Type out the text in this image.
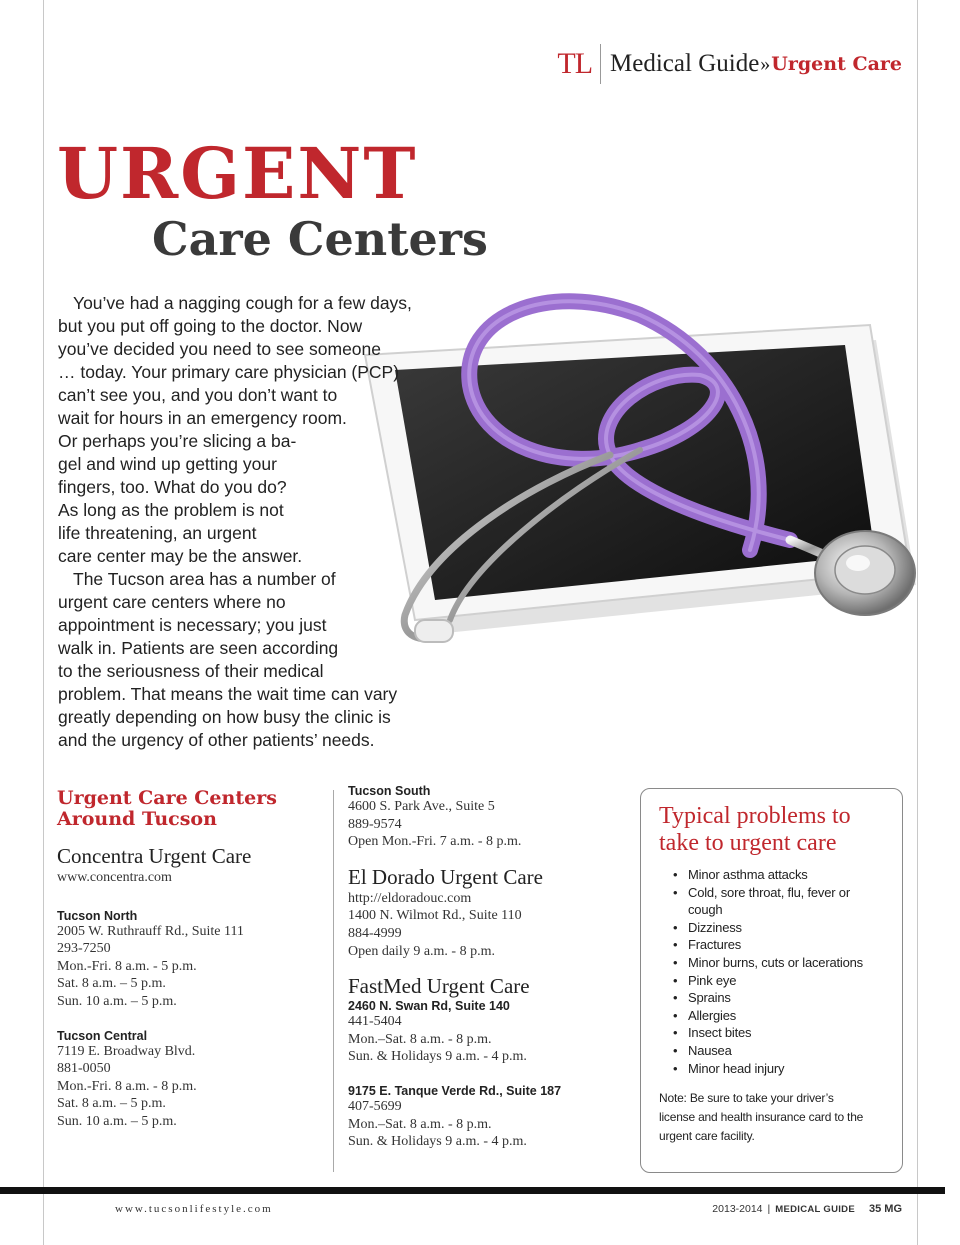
TL Medical Guide » Urgent Care
URGENT
Care Centers
You’ve had a nagging cough for a few days,
but you put off going to the doctor. Now
you’ve decided you need to see someone
… today. Your primary care physician (PCP)
can’t see you, and you don’t want to
wait for hours in an emergency room.
Or perhaps you’re slicing a ba-
gel and wind up getting your
fingers, too. What do you do?
As long as the problem is not
life threatening, an urgent
care center may be the answer.
The Tucson area has a number of
urgent care centers where no
appointment is necessary; you just
walk in. Patients are seen according
to the seriousness of their medical
problem. That means the wait time can vary
greatly depending on how busy the clinic is
and the urgency of other patients’ needs.
Urgent Care Centers
Around Tucson
Concentra Urgent Care
www.concentra.com
Tucson North
2005 W. Ruthrauff Rd., Suite 111
293-7250
Mon.-Fri. 8 a.m. - 5 p.m.
Sat. 8 a.m. – 5 p.m.
Sun. 10 a.m. – 5 p.m.
Tucson Central
7119 E. Broadway Blvd.
881-0050
Mon.-Fri. 8 a.m. - 8 p.m.
Sat. 8 a.m. – 5 p.m.
Sun. 10 a.m. – 5 p.m.
Tucson South
4600 S. Park Ave., Suite 5
889-9574
Open Mon.-Fri. 7 a.m. - 8 p.m.
El Dorado Urgent Care
http://eldoradouc.com
1400 N. Wilmot Rd., Suite 110
884-4999
Open daily 9 a.m. - 8 p.m.
FastMed Urgent Care
2460 N. Swan Rd, Suite 140
441-5404
Mon.–Sat. 8 a.m. - 8 p.m.
Sun. & Holidays 9 a.m. - 4 p.m.
9175 E. Tanque Verde Rd., Suite 187
407-5699
Mon.–Sat. 8 a.m. - 8 p.m.
Sun. & Holidays 9 a.m. - 4 p.m.
Typical problems to
take to urgent care
• Minor asthma attacks
• Cold, sore throat, flu, fever or
cough
• Dizziness
• Fractures
• Minor burns, cuts or lacerations
• Pink eye
• Sprains
• Allergies
• Insect bites
• Nausea
• Minor head injury
Note: Be sure to take your driver’s
license and health insurance card to the
urgent care facility.
www.tucsonlifestyle.com	2013-2014 | MEDICAL GUIDE 35 MG
